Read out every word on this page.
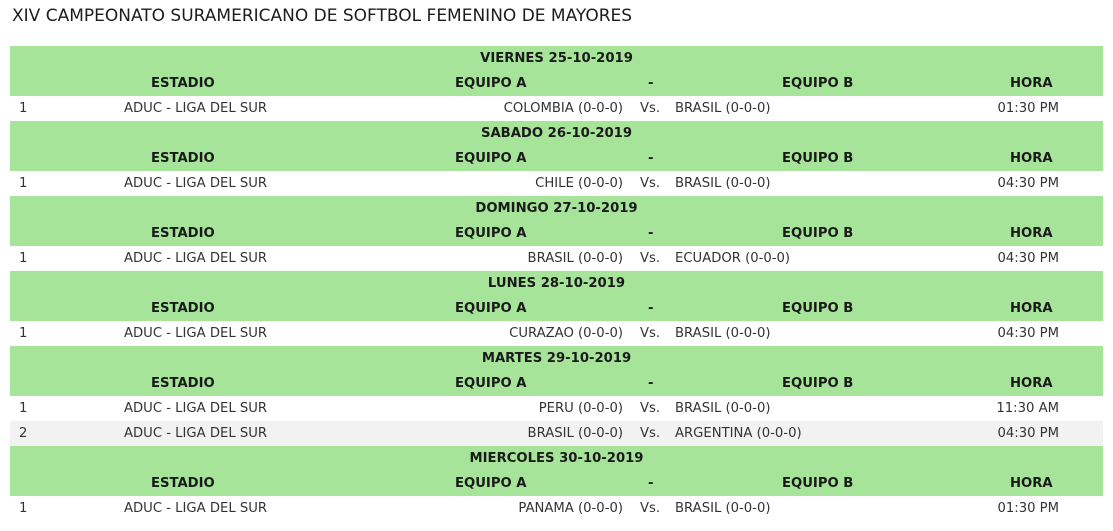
XIV CAMPEONATO SURAMERICANO DE SOFTBOL FEMENINO DE MAYORES
VIERNES 25-10-2019
ESTADIO	EQUIPO A	-	EQUIPO B	HORA
1	ADUC - LIGA DEL SUR	COLOMBIA (0-0-0) Vs. BRASIL (0-0-0)	01:30 PM
SABADO 26-10-2019
ESTADIO	EQUIPO A	-	EQUIPO B	HORA
1	ADUC - LIGA DEL SUR	CHILE (0-0-0) Vs. BRASIL (0-0-0)	04:30 PM
DOMINGO 27-10-2019
ESTADIO	EQUIPO A	-	EQUIPO B	HORA
1	ADUC - LIGA DEL SUR	BRASIL (0-0-0) Vs. ECUADOR (0-0-0)	04:30 PM
LUNES 28-10-2019
ESTADIO	EQUIPO A	-	EQUIPO B	HORA
1	ADUC - LIGA DEL SUR	CURAZAO (0-0-0) Vs. BRASIL (0-0-0)	04:30 PM
MARTES 29-10-2019
ESTADIO	EQUIPO A	-	EQUIPO B	HORA
1	ADUC - LIGA DEL SUR	PERU (0-0-0) Vs. BRASIL (0-0-0)	11:30 AM
2	ADUC - LIGA DEL SUR	BRASIL (0-0-0) Vs. ARGENTINA (0-0-0)	04:30 PM
MIERCOLES 30-10-2019
ESTADIO	EQUIPO A	-	EQUIPO B	HORA
1	ADUC - LIGA DEL SUR	PANAMA (0-0-0) Vs. BRASIL (0-0-0)	01:30 PM
